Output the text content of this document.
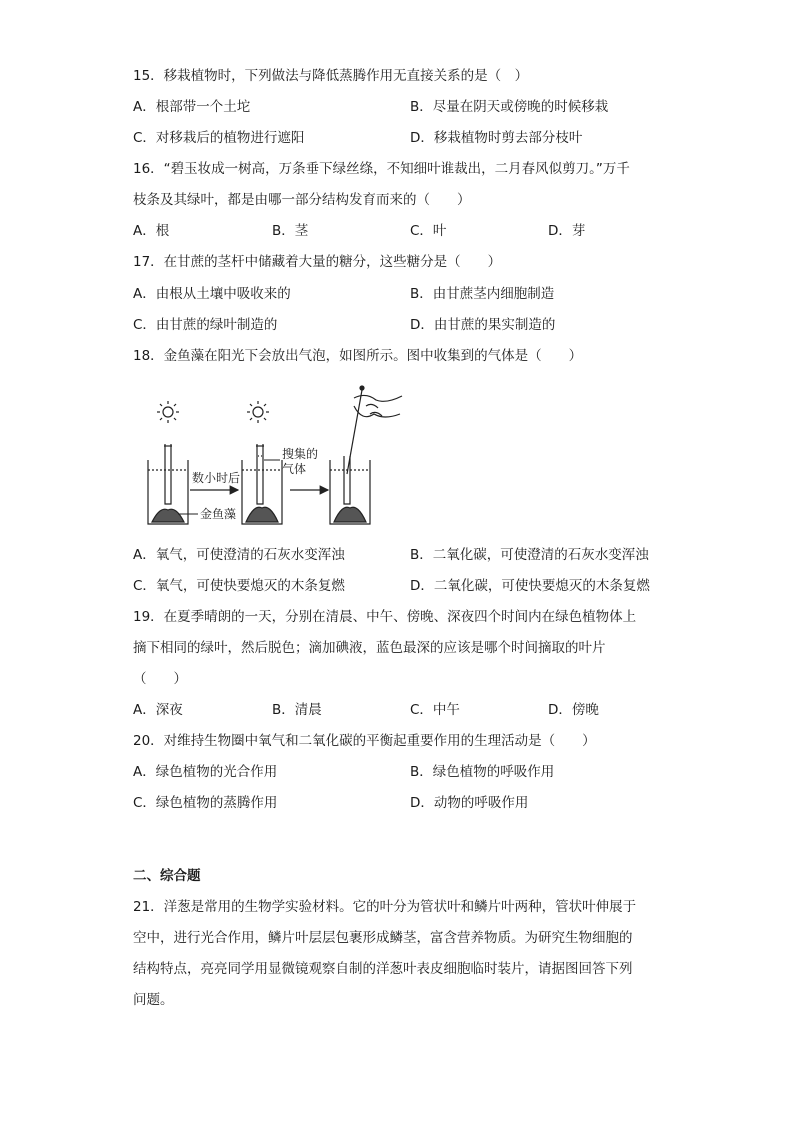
15．移栽植物时，下列做法与降低蒸腾作用无直接关系的是（　）
A．根部带一个土坨	B．尽量在阴天或傍晚的时候移栽
C．对移栽后的植物进行遮阳	D．移栽植物时剪去部分枝叶
16．“碧玉妆成一树高，万条垂下绿丝绦，不知细叶谁裁出，二月春风似剪刀。”万千
枝条及其绿叶，都是由哪一部分结构发育而来的（　　）
A．根	B．茎	C．叶	D．芽
17．在甘蔗的茎杆中储藏着大量的糖分，这些糖分是（　　）
A．由根从土壤中吸收来的	B．由甘蔗茎内细胞制造
C．由甘蔗的绿叶制造的	D．由甘蔗的果实制造的
18．金鱼藻在阳光下会放出气泡，如图所示。图中收集到的气体是（　　）
数小时后
金鱼藻
搜集的
气体
A．氧气，可使澄清的石灰水变浑浊	B．二氧化碳，可使澄清的石灰水变浑浊
C．氧气，可使快要熄灭的木条复燃	D．二氧化碳，可使快要熄灭的木条复燃
19．在夏季晴朗的一天，分别在清晨、中午、傍晚、深夜四个时间内在绿色植物体上
摘下相同的绿叶，然后脱色；滴加碘液，蓝色最深的应该是哪个时间摘取的叶片
（　　）
A．深夜	B．清晨	C．中午	D．傍晚
20．对维持生物圈中氧气和二氧化碳的平衡起重要作用的生理活动是（　　）
A．绿色植物的光合作用	B．绿色植物的呼吸作用
C．绿色植物的蒸腾作用	D．动物的呼吸作用
二、综合题
21．洋葱是常用的生物学实验材料。它的叶分为管状叶和鳞片叶两种，管状叶伸展于
空中，进行光合作用，鳞片叶层层包裹形成鳞茎，富含营养物质。为研究生物细胞的
结构特点，亮亮同学用显微镜观察自制的洋葱叶表皮细胞临时装片，请据图回答下列
问题。
